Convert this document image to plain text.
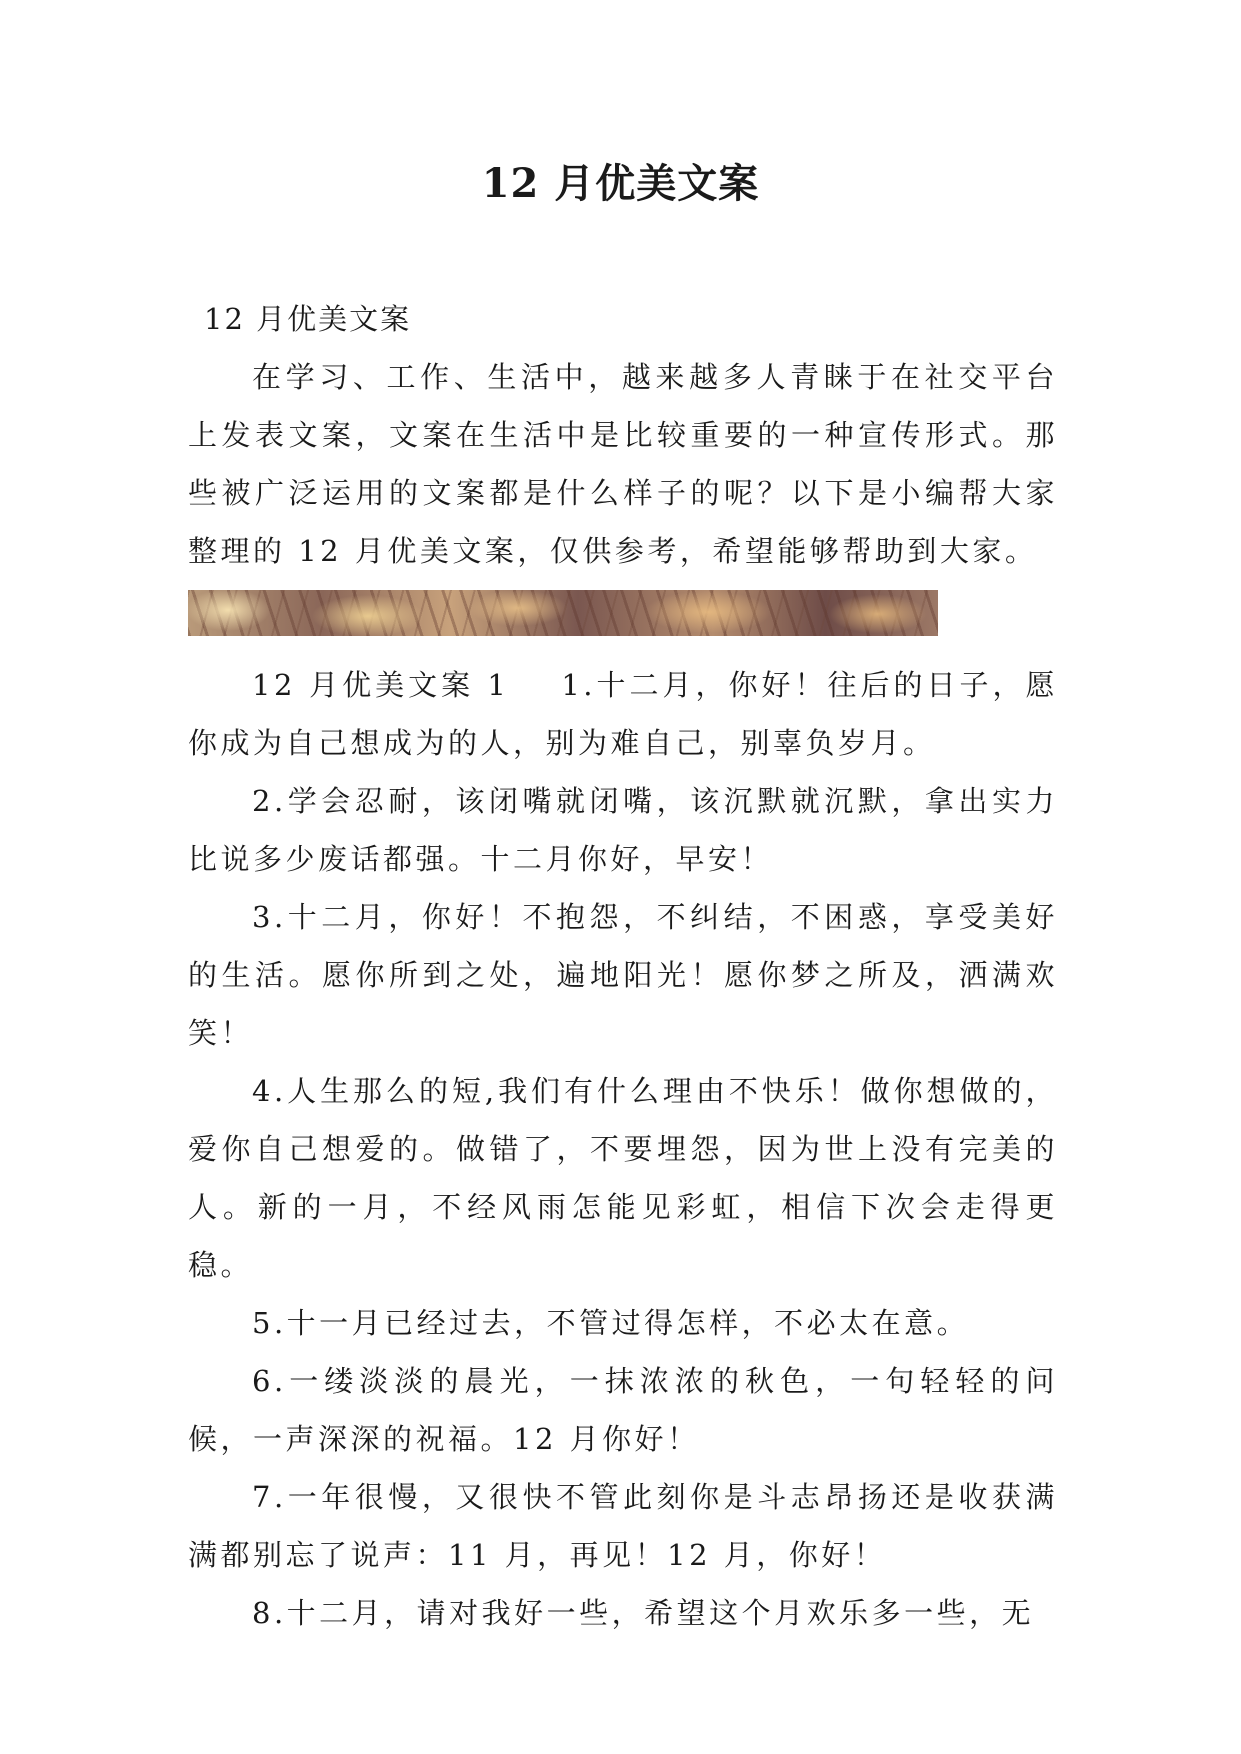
12 月优美文案

12 月优美文案

在学习、工作、生活中，越来越多人青睐于在社交平台上发表文案，文案在生活中是比较重要的一种宣传形式。那些被广泛运用的文案都是什么样子的呢？以下是小编帮大家整理的 12 月优美文案，仅供参考，希望能够帮助到大家。

12 月优美文案 1 1.十二月，你好！往后的日子，愿你成为自己想成为的人，别为难自己，别辜负岁月。

2.学会忍耐，该闭嘴就闭嘴，该沉默就沉默，拿出实力比说多少废话都强。十二月你好，早安！

3.十二月，你好！不抱怨，不纠结，不困惑，享受美好的生活。愿你所到之处，遍地阳光！愿你梦之所及，洒满欢笑！

4.人生那么的短,我们有什么理由不快乐！做你想做的，爱你自己想爱的。做错了，不要埋怨，因为世上没有完美的人。新的一月，不经风雨怎能见彩虹，相信下次会走得更稳。

5.十一月已经过去，不管过得怎样，不必太在意。

6.一缕淡淡的晨光，一抹浓浓的秋色，一句轻轻的问候，一声深深的祝福。12 月你好！

7.一年很慢，又很快不管此刻你是斗志昂扬还是收获满满都别忘了说声：11 月，再见！12 月，你好！

8.十二月，请对我好一些，希望这个月欢乐多一些，无
